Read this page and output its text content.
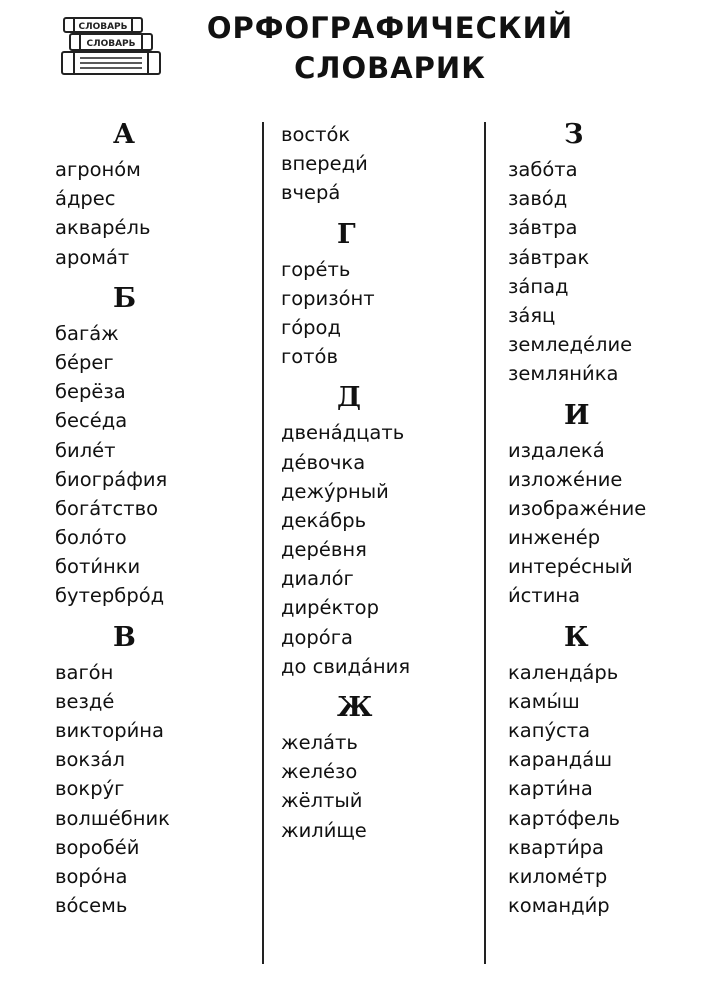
СЛОВАРЬ
СЛОВАРЬ	ОРФОГРАФИЧЕСКИЙ
СЛОВАРИК
А
агроно́м
а́дрес
акваре́ль
арома́т
Б
бага́ж
бе́рег
берёза
бесе́да
биле́т
биогра́фия
бога́тство
боло́то
боти́нки
бутербро́д
В
ваго́н
везде́
виктори́на
вокза́л
вокру́г
волше́бник
воробе́й
воро́на
во́семь
восто́к
впереди́
вчера́
Г
горе́ть
горизо́нт
го́род
гото́в
Д
двена́дцать
де́вочка
дежу́рный
дека́брь
дере́вня
диало́г
дире́ктор
доро́га
до свида́ния
Ж
жела́ть
желе́зо
жёлтый
жили́ще
З
забо́та
заво́д
за́втра
за́втрак
за́пад
за́яц
земледе́лие
земляни́ка
И
издалека́
изложе́ние
изображе́ние
инжене́р
интере́сный
и́стина
К
календа́рь
камы́ш
капу́ста
каранда́ш
карти́на
карто́фель
кварти́ра
киломе́тр
команди́р
